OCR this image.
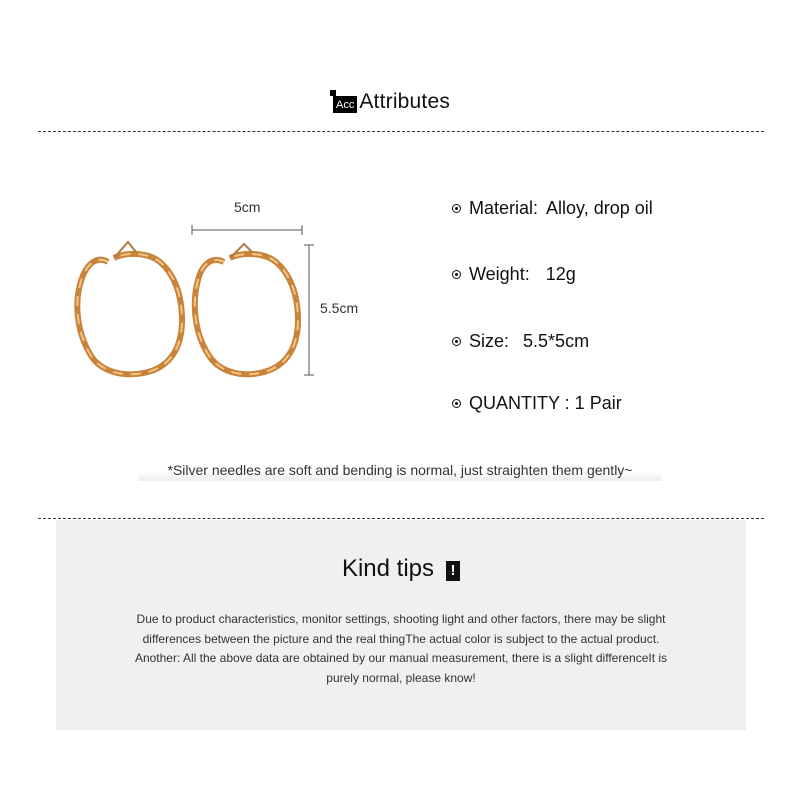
Acc Attributes
5cm
5.5cm
Material: Alloy, drop oil
Weight: 12g
Size: 5.5*5cm
QUANTITY : 1 Pair
*Silver needles are soft and bending is normal, just straighten them gently~
Kind tips !

Due to product characteristics, monitor settings, shooting light and other factors, there may be slight

differences between the picture and the real thingThe actual color is subject to the actual product.

Another: All the above data are obtained by our manual measurement, there is a slight differenceIt is

purely normal, please know!
